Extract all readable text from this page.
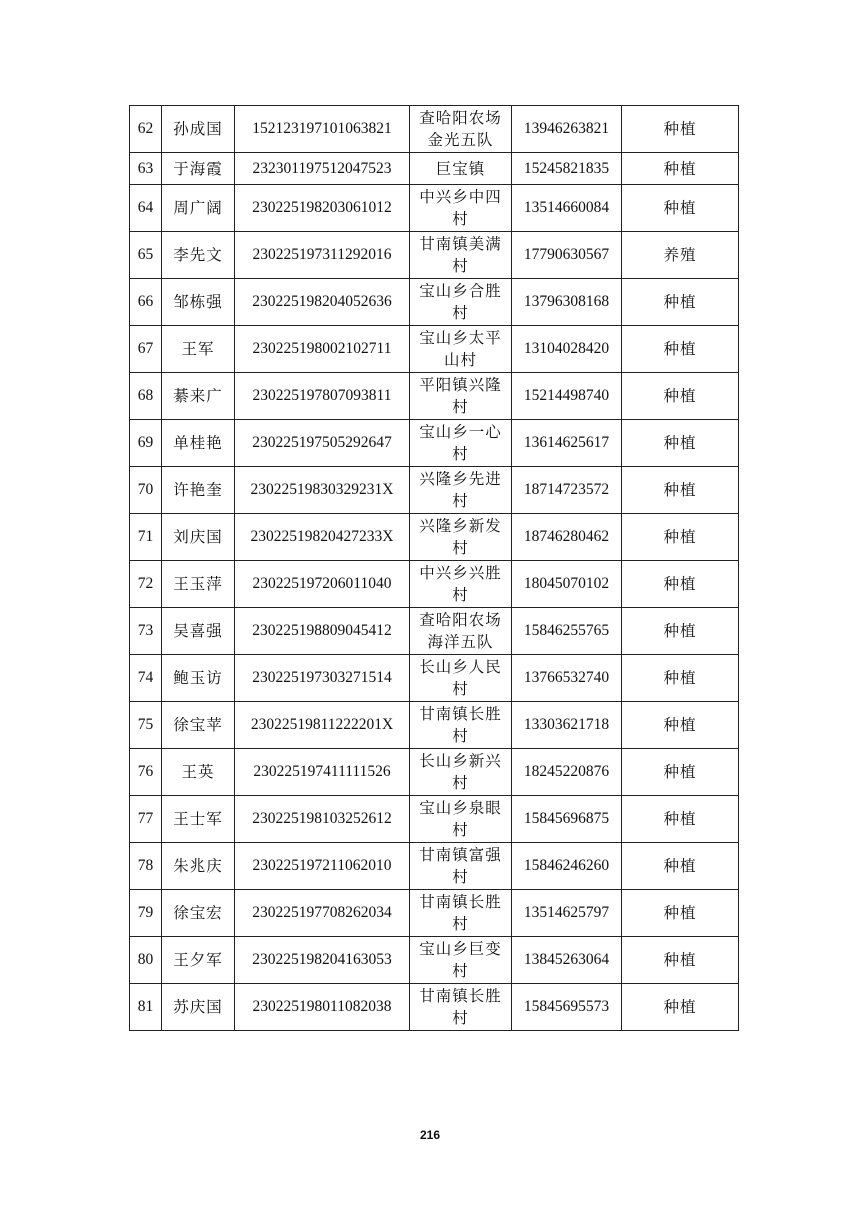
62	孙成国	152123197101063821	查哈阳农场金光五队	13946263821	种植
63	于海霞	232301197512047523	巨宝镇	15245821835	种植
64	周广阔	230225198203061012	中兴乡中四村	13514660084	种植
65	李先文	230225197311292016	甘南镇美满村	17790630567	养殖
66	邹栋强	230225198204052636	宝山乡合胜村	13796308168	种植
67	王军	230225198002102711	宝山乡太平山村	13104028420	种植
68	綦来广	230225197807093811	平阳镇兴隆村	15214498740	种植
69	单桂艳	230225197505292647	宝山乡一心村	13614625617	种植
70	许艳奎	23022519830329231X	兴隆乡先进村	18714723572	种植
71	刘庆国	23022519820427233X	兴隆乡新发村	18746280462	种植
72	王玉萍	230225197206011040	中兴乡兴胜村	18045070102	种植
73	吴喜强	230225198809045412	查哈阳农场海洋五队	15846255765	种植
74	鲍玉访	230225197303271514	长山乡人民村	13766532740	种植
75	徐宝苹	23022519811222201X	甘南镇长胜村	13303621718	种植
76	王英	230225197411111526	长山乡新兴村	18245220876	种植
77	王士军	230225198103252612	宝山乡泉眼村	15845696875	种植
78	朱兆庆	230225197211062010	甘南镇富强村	15846246260	种植
79	徐宝宏	230225197708262034	甘南镇长胜村	13514625797	种植
80	王夕军	230225198204163053	宝山乡巨变村	13845263064	种植
81	苏庆国	230225198011082038	甘南镇长胜村	15845695573	种植
216
